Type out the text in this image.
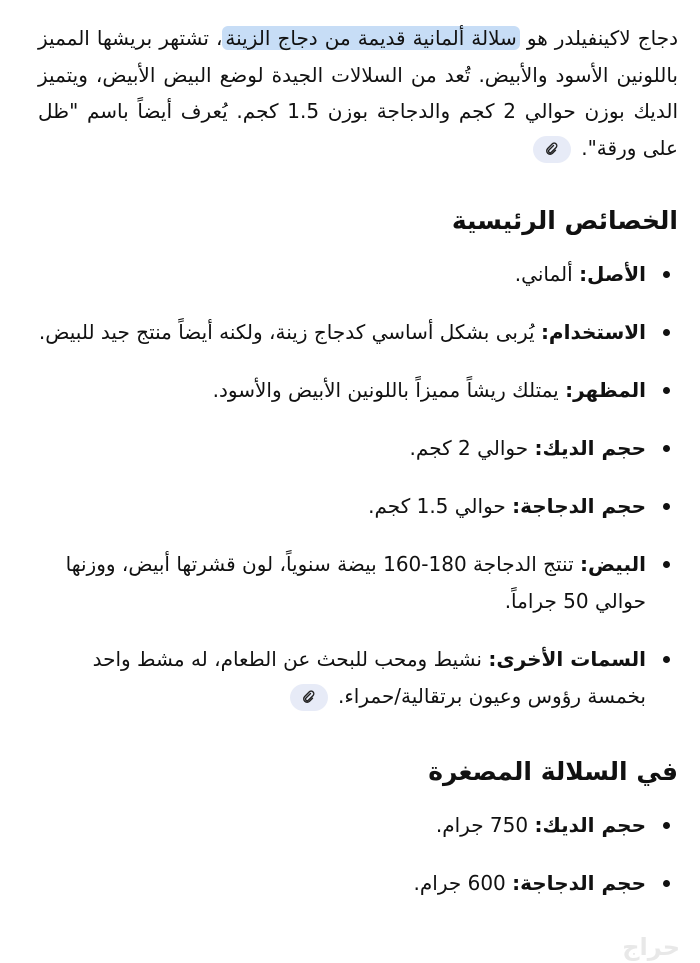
دجاج لاكينفيلدر هو سلالة ألمانية قديمة من دجاج الزينة، تشتهر بريشها المميز باللونين الأسود والأبيض. تُعد من السلالات الجيدة لوضع البيض الأبيض، ويتميز الديك بوزن حوالي 2 كجم والدجاجة بوزن 1.5 كجم. يُعرف أيضاً باسم "ظل على ورقة".

الخصائص الرئيسية
الأصل: ألماني.
الاستخدام: يُربى بشكل أساسي كدجاج زينة، ولكنه أيضاً منتج جيد للبيض.
المظهر: يمتلك ريشاً مميزاً باللونين الأبيض والأسود.
حجم الديك: حوالي 2 كجم.
حجم الدجاجة: حوالي 1.5 كجم.
البيض: تنتج الدجاجة 180-160 بيضة سنوياً، لون قشرتها أبيض، ووزنها حوالي 50 جراماً.
السمات الأخرى: نشيط ومحب للبحث عن الطعام، له مشط واحد بخمسة رؤوس وعيون برتقالية/حمراء.
في السلالة المصغرة
حجم الديك: 750 جرام.
حجم الدجاجة: 600 جرام.
حراج
